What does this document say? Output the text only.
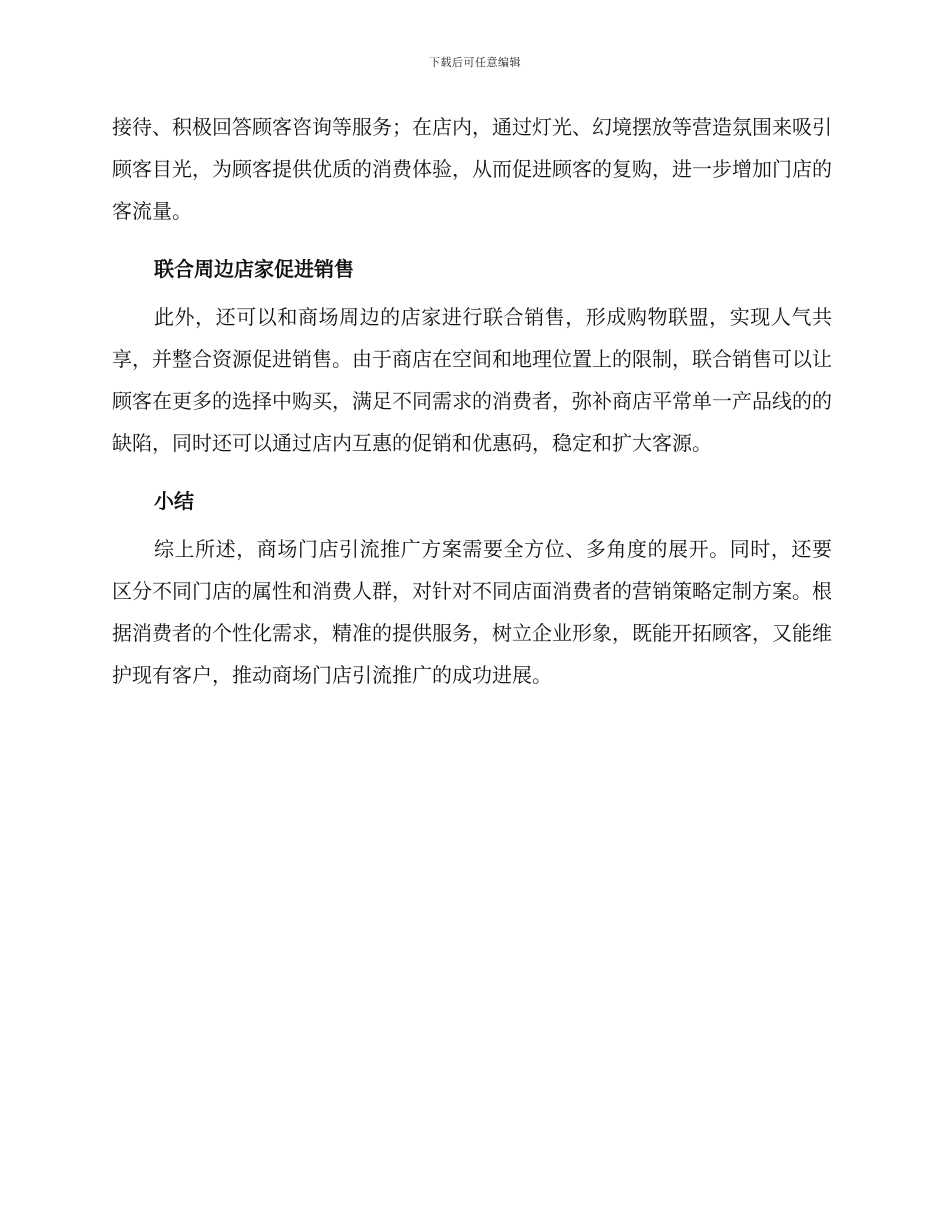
下载后可任意编辑

接待、积极回答顾客咨询等服务；在店内，通过灯光、幻境摆放等营造氛围来吸引顾客目光，为顾客提供优质的消费体验，从而促进顾客的复购，进一步增加门店的客流量。

联合周边店家促进销售

此外，还可以和商场周边的店家进行联合销售，形成购物联盟，实现人气共享，并整合资源促进销售。由于商店在空间和地理位置上的限制，联合销售可以让顾客在更多的选择中购买，满足不同需求的消费者，弥补商店平常单一产品线的的缺陷，同时还可以通过店内互惠的促销和优惠码，稳定和扩大客源。

小结

综上所述，商场门店引流推广方案需要全方位、多角度的展开。同时，还要区分不同门店的属性和消费人群，对针对不同店面消费者的营销策略定制方案。根据消费者的个性化需求，精准的提供服务，树立企业形象，既能开拓顾客，又能维护现有客户，推动商场门店引流推广的成功进展。
